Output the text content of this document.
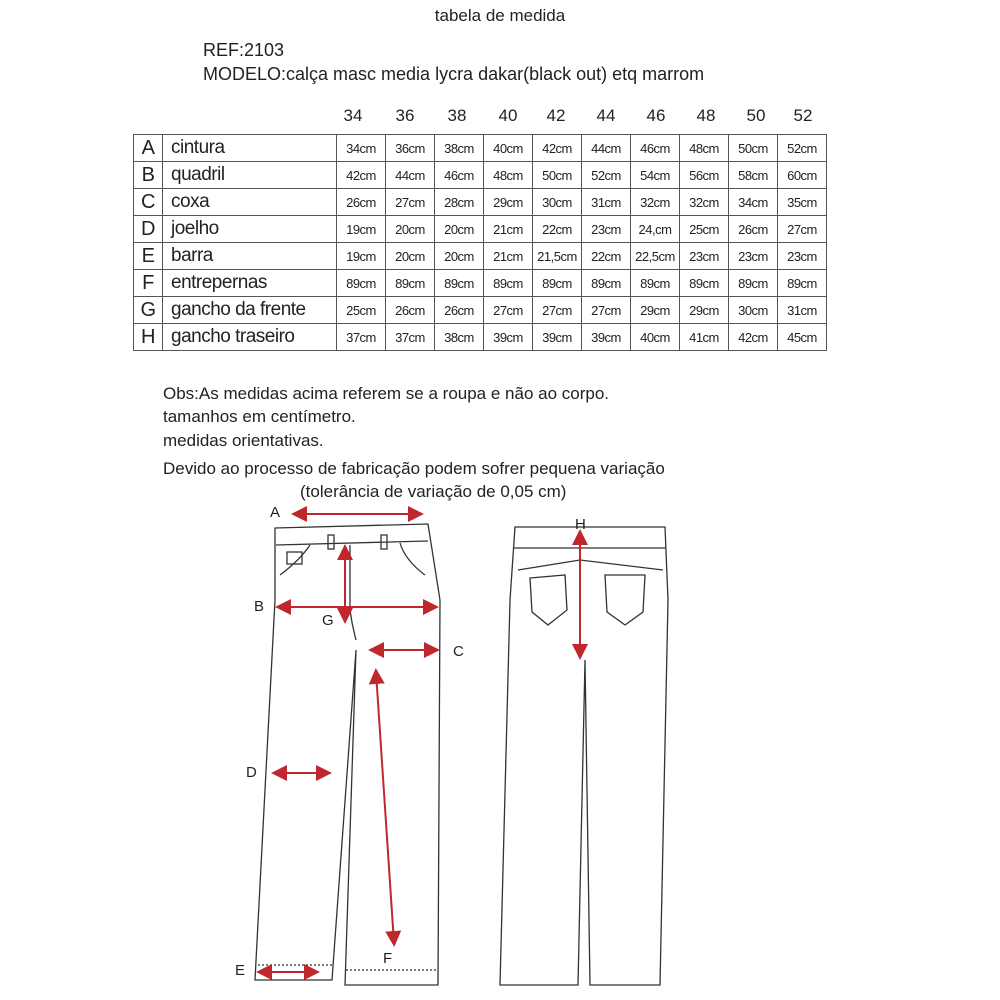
tabela de medida
REF:2103
MODELO:calça masc media lycra dakar(black out) etq marrom
34	36	38	40	42	44	46	48	50	52
A	cintura	34cm	36cm	38cm	40cm	42cm	44cm	46cm	48cm	50cm	52cm
B	quadril	42cm	44cm	46cm	48cm	50cm	52cm	54cm	56cm	58cm	60cm
C	coxa	26cm	27cm	28cm	29cm	30cm	31cm	32cm	32cm	34cm	35cm
D	joelho	19cm	20cm	20cm	21cm	22cm	23cm	24,cm	25cm	26cm	27cm
E	barra	19cm	20cm	20cm	21cm	21,5cm	22cm	22,5cm	23cm	23cm	23cm
F	entrepernas	89cm	89cm	89cm	89cm	89cm	89cm	89cm	89cm	89cm	89cm
G	gancho da frente	25cm	26cm	26cm	27cm	27cm	27cm	29cm	29cm	30cm	31cm
H	gancho traseiro	37cm	37cm	38cm	39cm	39cm	39cm	40cm	41cm	42cm	45cm
Obs:As medidas acima referem se a roupa e não ao corpo.
tamanhos em centímetro.
medidas orientativas.
Devido ao processo de fabricação podem sofrer pequena variação
(tolerância de variação de 0,05 cm)
A
B
G
C
D
F
E
H
